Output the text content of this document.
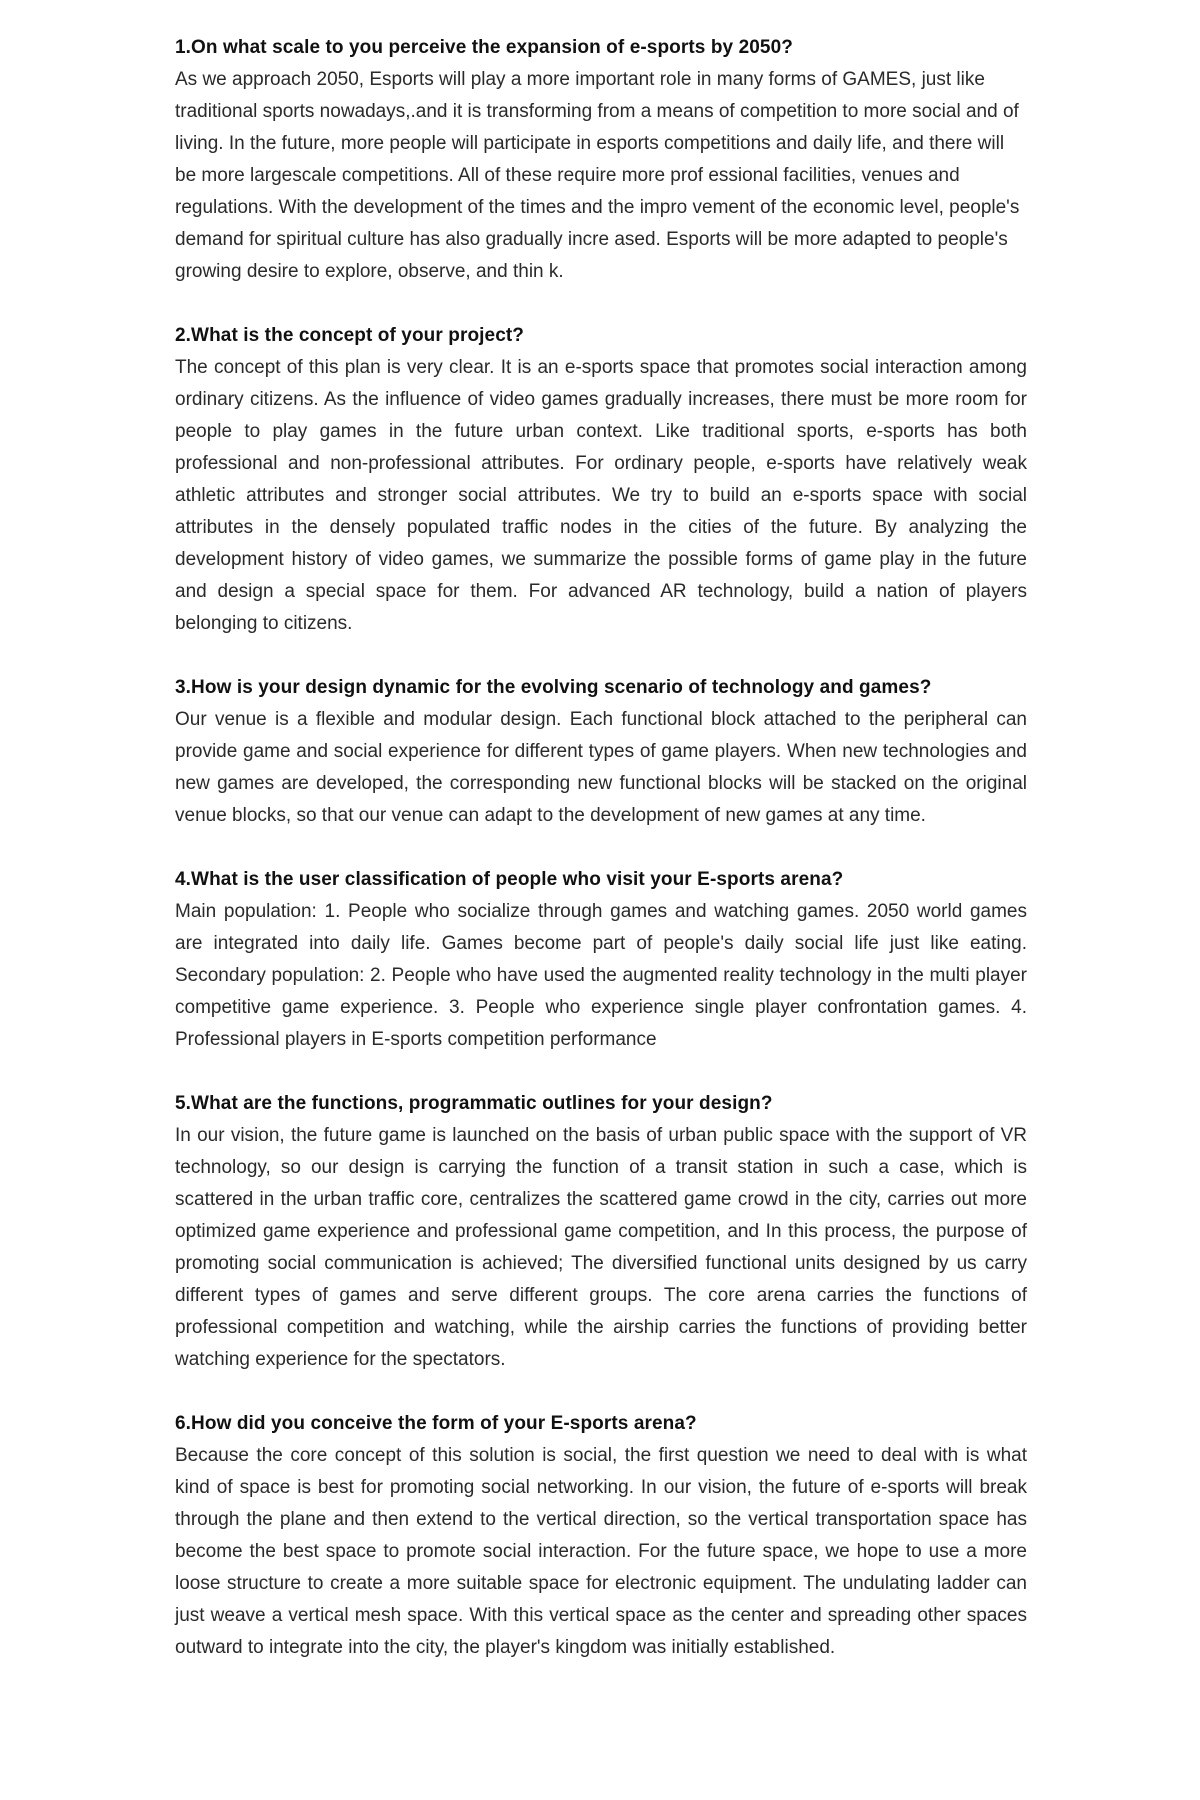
1.On what scale to you perceive the expansion of e-sports by 2050?

As we approach 2050, Esports will play a more important role in many forms of GAMES, just like traditional sports nowadays,.and it is transforming from a means of competition to more social and of living. In the future, more people will participate in esports competitions and daily life, and there will be more largescale competitions. All of these require more prof essional facilities, venues and regulations. With the development of the times and the impro vement of the economic level, people's demand for spiritual culture has also gradually incre ased. Esports will be more adapted to people's growing desire to explore, observe, and thin k.

2.What is the concept of your project?

The concept of this plan is very clear. It is an e-sports space that promotes social interaction among ordinary citizens. As the influence of video games gradually increases, there must be more room for people to play games in the future urban context. Like traditional sports, e-sports has both professional and non-professional attributes. For ordinary people, e-sports have relatively weak athletic attributes and stronger social attributes. We try to build an e-sports space with social attributes in the densely populated traffic nodes in the cities of the future. By analyzing the development history of video games, we summarize the possible forms of game play in the future and design a special space for them. For advanced AR technology, build a nation of players belonging to citizens.

3.How is your design dynamic for the evolving scenario of technology and games?

Our venue is a flexible and modular design. Each functional block attached to the peripheral can provide game and social experience for different types of game players. When new technologies and new games are developed, the corresponding new functional blocks will be stacked on the original venue blocks, so that our venue can adapt to the development of new games at any time.

4.What is the user classification of people who visit your E-sports arena?

Main population: 1. People who socialize through games and watching games. 2050 world games are integrated into daily life. Games become part of people's daily social life just like eating. Secondary population: 2. People who have used the augmented reality technology in the multi player competitive game experience. 3. People who experience single player confrontation games. 4. Professional players in E-sports competition performance

5.What are the functions, programmatic outlines for your design?

In our vision, the future game is launched on the basis of urban public space with the support of VR technology, so our design is carrying the function of a transit station in such a case, which is scattered in the urban traffic core, centralizes the scattered game crowd in the city, carries out more optimized game experience and professional game competition, and In this process, the purpose of promoting social communication is achieved; The diversified functional units designed by us carry different types of games and serve different groups. The core arena carries the functions of professional competition and watching, while the airship carries the functions of providing better watching experience for the spectators.

6.How did you conceive the form of your E-sports arena?

Because the core concept of this solution is social, the first question we need to deal with is what kind of space is best for promoting social networking. In our vision, the future of e-sports will break through the plane and then extend to the vertical direction, so the vertical transportation space has become the best space to promote social interaction. For the future space, we hope to use a more loose structure to create a more suitable space for electronic equipment. The undulating ladder can just weave a vertical mesh space. With this vertical space as the center and spreading other spaces outward to integrate into the city, the player's kingdom was initially established.
